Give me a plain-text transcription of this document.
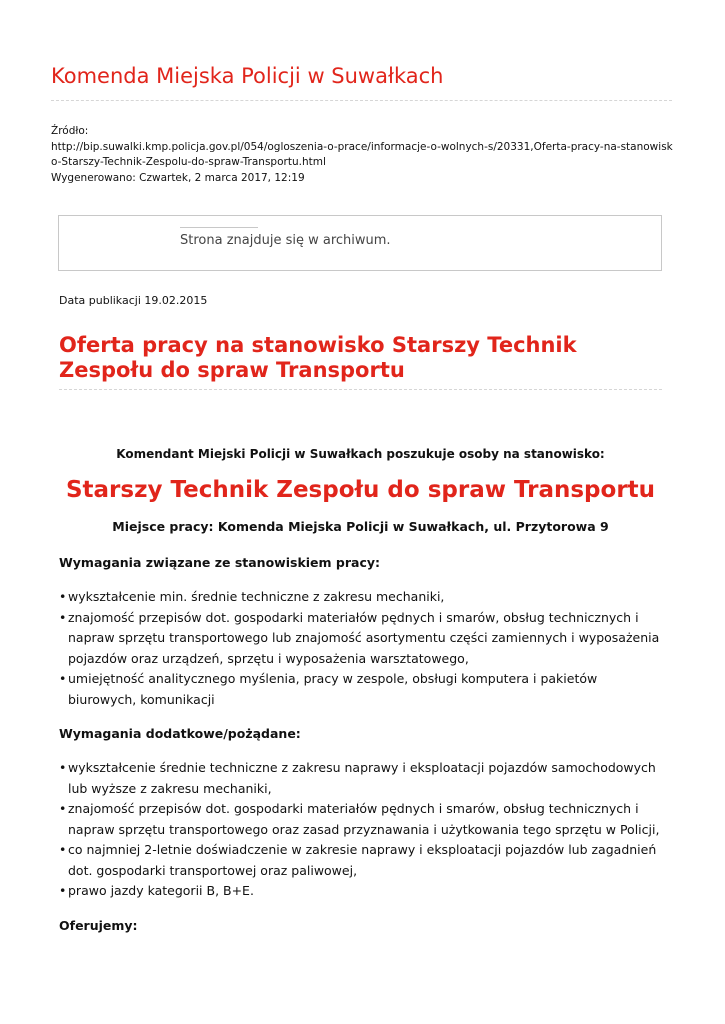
Komenda Miejska Policji w Suwałkach
Źródło:
http://bip.suwalki.kmp.policja.gov.pl/054/ogloszenia-o-prace/informacje-o-wolnych-s/20331,Oferta-pracy-na-stanowisk
o-Starszy-Technik-Zespolu-do-spraw-Transportu.html
Wygenerowano: Czwartek, 2 marca 2017, 12:19
Strona znajduje się w archiwum.
Data publikacji 19.02.2015
Oferta pracy na stanowisko Starszy Technik Zespołu do spraw Transportu
Komendant Miejski Policji w Suwałkach poszukuje osoby na stanowisko:
Starszy Technik Zespołu do spraw Transportu
Miejsce pracy: Komenda Miejska Policji w Suwałkach, ul. Przytorowa 9
Wymagania związane ze stanowiskiem pracy:
• wykształcenie min. średnie techniczne z zakresu mechaniki,
• znajomość przepisów dot. gospodarki materiałów pędnych i smarów, obsług technicznych i napraw sprzętu transportowego lub znajomość asortymentu części zamiennych i wyposażenia pojazdów oraz urządzeń, sprzętu i wyposażenia warsztatowego,
• umiejętność analitycznego myślenia, pracy w zespole, obsługi komputera i pakietów biurowych, komunikacji
Wymagania dodatkowe/pożądane:
• wykształcenie średnie techniczne z zakresu naprawy i eksploatacji pojazdów samochodowych lub wyższe z zakresu mechaniki,
• znajomość przepisów dot. gospodarki materiałów pędnych i smarów, obsług technicznych i napraw sprzętu transportowego oraz zasad przyznawania i użytkowania tego sprzętu w Policji,
• co najmniej 2-letnie doświadczenie w zakresie naprawy i eksploatacji pojazdów lub zagadnień dot. gospodarki transportowej oraz paliwowej,
• prawo jazdy kategorii B, B+E.
Oferujemy:
